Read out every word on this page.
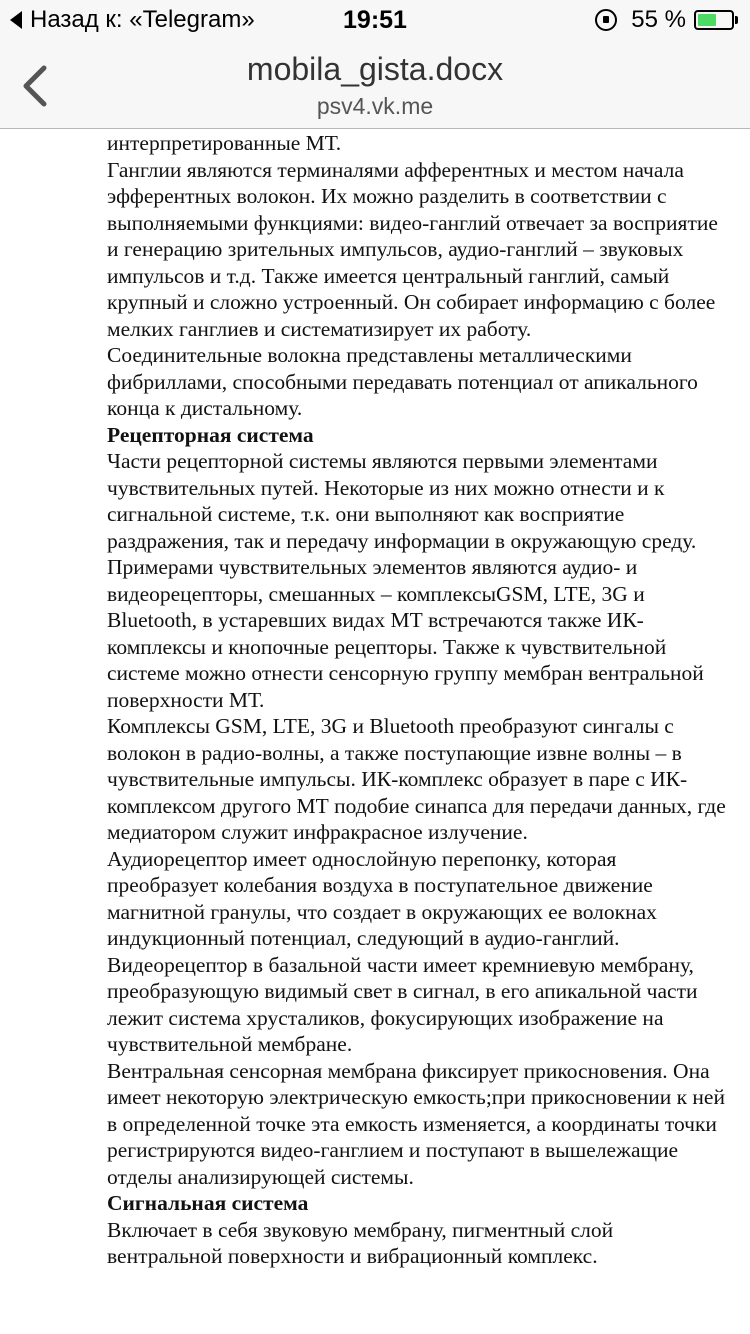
Назад к: «Telegram»	19:51	55 %
mobila_gista.docx
psv4.vk.me

интерпретированные МТ.

Ганглии являются терминалями афферентных и местом начала эфферентных волокон. Их можно разделить в соответствии с выполняемыми функциями: видео-ганглий отвечает за восприятие и генерацию зрительных импульсов, аудио-ганглий – звуковых импульсов и т.д. Также имеется центральный ганглий, самый крупный и сложно устроенный. Он собирает информацию с более мелких ганглиев и систематизирует их работу.

Соединительные волокна представлены металлическими фибриллами, способными передавать потенциал от апикального конца к дистальному.

Рецепторная система

Части рецепторной системы являются первыми элементами чувствительных путей. Некоторые из них можно отнести и к сигнальной системе, т.к. они выполняют как восприятие раздражения, так и передачу информации в окружающую среду. Примерами чувствительных элементов являются аудио- и видеорецепторы, смешанных – комплексыGSM, LTE, 3G и Bluetooth, в устаревших видах МТ встречаются также ИК-комплексы и кнопочные рецепторы. Также к чувствительной системе можно отнести сенсорную группу мембран вентральной поверхности МТ.

Комплексы GSM, LTE, 3G и Bluetooth преобразуют сингалы с волокон в радио-волны, а также поступающие извне волны – в чувствительные импульсы. ИК-комплекс образует в паре с ИК-комплексом другого МТ подобие синапса для передачи данных, где медиатором служит инфракрасное излучение.

Аудиорецептор имеет однослойную перепонку, которая преобразует колебания воздуха в поступательное движение магнитной гранулы, что создает в окружающих ее волокнах индукционный потенциал, следующий в аудио-ганглий.

Видеорецептор в базальной части имеет кремниевую мембрану, преобразующую видимый свет в сигнал, в его апикальной части лежит система хрусталиков, фокусирующих изображение на чувствительной мембране.

Вентральная сенсорная мембрана фиксирует прикосновения. Она имеет некоторую электрическую емкость;при прикосновении к ней в определенной точке эта емкость изменяется, а координаты точки регистрируются видео-ганглием и поступают в вышележащие отделы анализирующей системы.

Сигнальная система

Включает в себя звуковую мембрану, пигментный слой вентральной поверхности и вибрационный комплекс.
